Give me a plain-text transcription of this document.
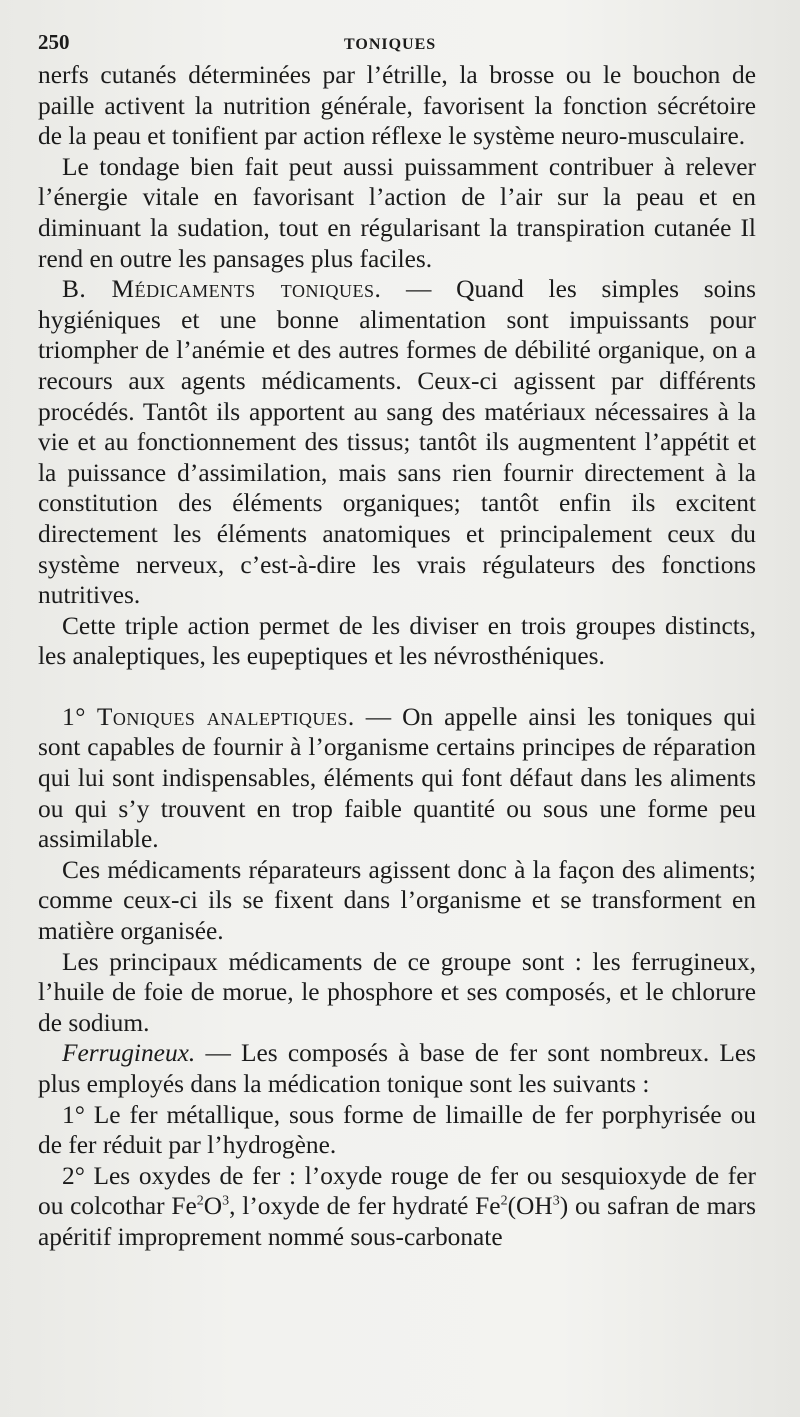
250	TONIQUES

nerfs cutanés déterminées par l’étrille, la brosse ou le bouchon de paille activent la nutrition générale, favorisent la fonction sécrétoire de la peau et tonifient par action réflexe le système neuro-musculaire.

Le tondage bien fait peut aussi puissamment contribuer à relever l’énergie vitale en favorisant l’action de l’air sur la peau et en diminuant la sudation, tout en régularisant la transpiration cutanée Il rend en outre les pansages plus faciles.

B. Médicaments toniques. — Quand les simples soins hygiéniques et une bonne alimentation sont impuissants pour triompher de l’anémie et des autres formes de débilité organique, on a recours aux agents médicaments. Ceux-ci agissent par différents procédés. Tantôt ils apportent au sang des matériaux nécessaires à la vie et au fonctionnement des tissus; tantôt ils augmentent l’appétit et la puissance d’assimilation, mais sans rien fournir directement à la constitution des éléments organiques; tantôt enfin ils excitent directement les éléments anatomiques et principalement ceux du système nerveux, c’est-à-dire les vrais régulateurs des fonctions nutritives.

Cette triple action permet de les diviser en trois groupes distincts, les analeptiques, les eupeptiques et les névrosthéniques.

1° Toniques analeptiques. — On appelle ainsi les toniques qui sont capables de fournir à l’organisme certains principes de réparation qui lui sont indispensables, éléments qui font défaut dans les aliments ou qui s’y trouvent en trop faible quantité ou sous une forme peu assimilable.

Ces médicaments réparateurs agissent donc à la façon des aliments; comme ceux-ci ils se fixent dans l’organisme et se transforment en matière organisée.

Les principaux médicaments de ce groupe sont : les ferrugineux, l’huile de foie de morue, le phosphore et ses composés, et le chlorure de sodium.

Ferrugineux. — Les composés à base de fer sont nombreux. Les plus employés dans la médication tonique sont les suivants :

1° Le fer métallique, sous forme de limaille de fer porphyrisée ou de fer réduit par l’hydrogène.

2° Les oxydes de fer : l’oxyde rouge de fer ou sesquioxyde de fer ou colcothar $Fe^2O^3$, l’oxyde de fer hydraté $Fe^2(OH^3)$ ou safran de mars apéritif improprement nommé sous-carbonate
